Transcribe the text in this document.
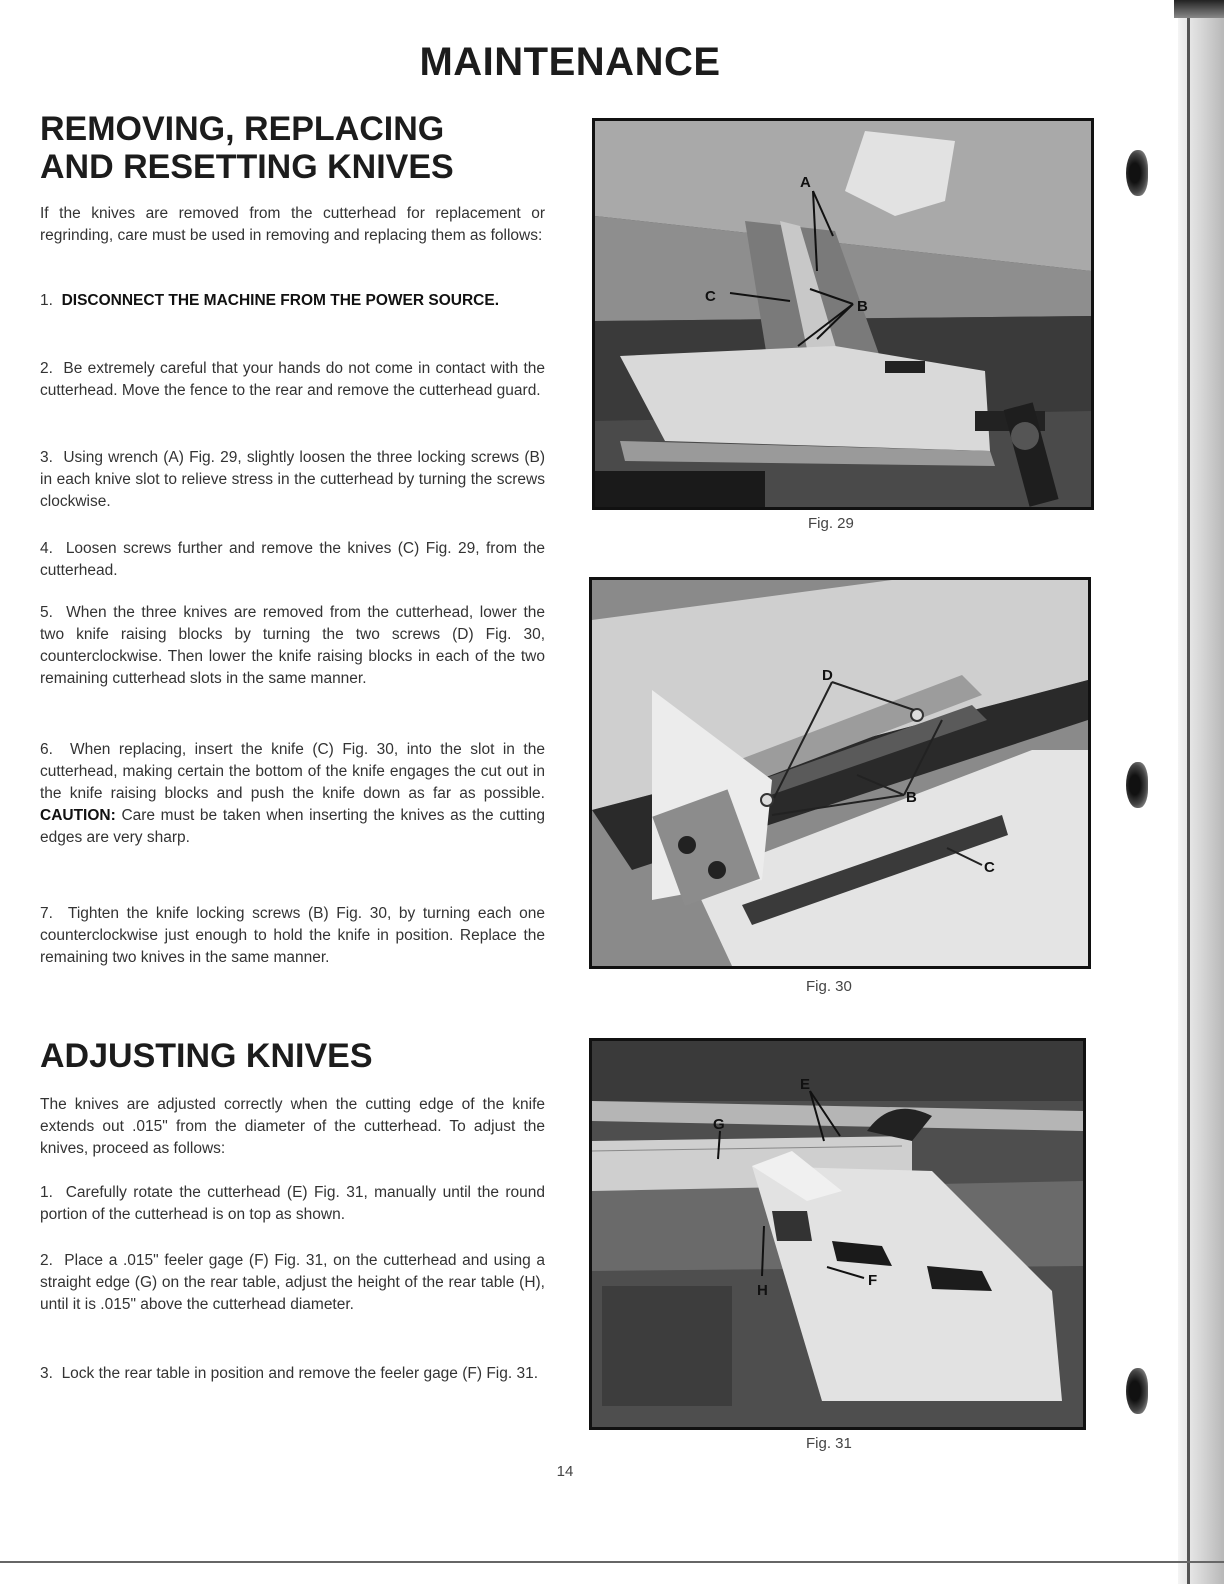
MAINTENANCE
REMOVING, REPLACING
AND RESETTING KNIVES

If the knives are removed from the cutterhead for replacement or regrinding, care must be used in removing and replacing them as follows:

1. DISCONNECT THE MACHINE FROM THE POWER SOURCE.

2. Be extremely careful that your hands do not come in contact with the cutterhead. Move the fence to the rear and remove the cutterhead guard.

3. Using wrench (A) Fig. 29, slightly loosen the three locking screws (B) in each knive slot to relieve stress in the cutterhead by turning the screws clockwise.

4. Loosen screws further and remove the knives (C) Fig. 29, from the cutterhead.

5. When the three knives are removed from the cutterhead, lower the two knife raising blocks by turning the two screws (D) Fig. 30, counterclockwise. Then lower the knife raising blocks in each of the two remaining cutterhead slots in the same manner.

6. When replacing, insert the knife (C) Fig. 30, into the slot in the cutterhead, making certain the bottom of the knife engages the cut out in the knife raising blocks and push the knife down as far as possible. CAUTION: Care must be taken when inserting the knives as the cutting edges are very sharp.

7. Tighten the knife locking screws (B) Fig. 30, by turning each one counterclockwise just enough to hold the knife in position. Replace the remaining two knives in the same manner.

ADJUSTING KNIVES

The knives are adjusted correctly when the cutting edge of the knife extends out .015" from the diameter of the cutterhead. To adjust the knives, proceed as follows:

1. Carefully rotate the cutterhead (E) Fig. 31, manually until the round portion of the cutterhead is on top as shown.

2. Place a .015" feeler gage (F) Fig. 31, on the cutterhead and using a straight edge (G) on the rear table, adjust the height of the rear table (H), until it is .015" above the cutterhead diameter.

3. Lock the rear table in position and remove the feeler gage (F) Fig. 31.

A
B
C

Fig. 29

D
B
C

Fig. 30

E
G
H
F

Fig. 31

14
